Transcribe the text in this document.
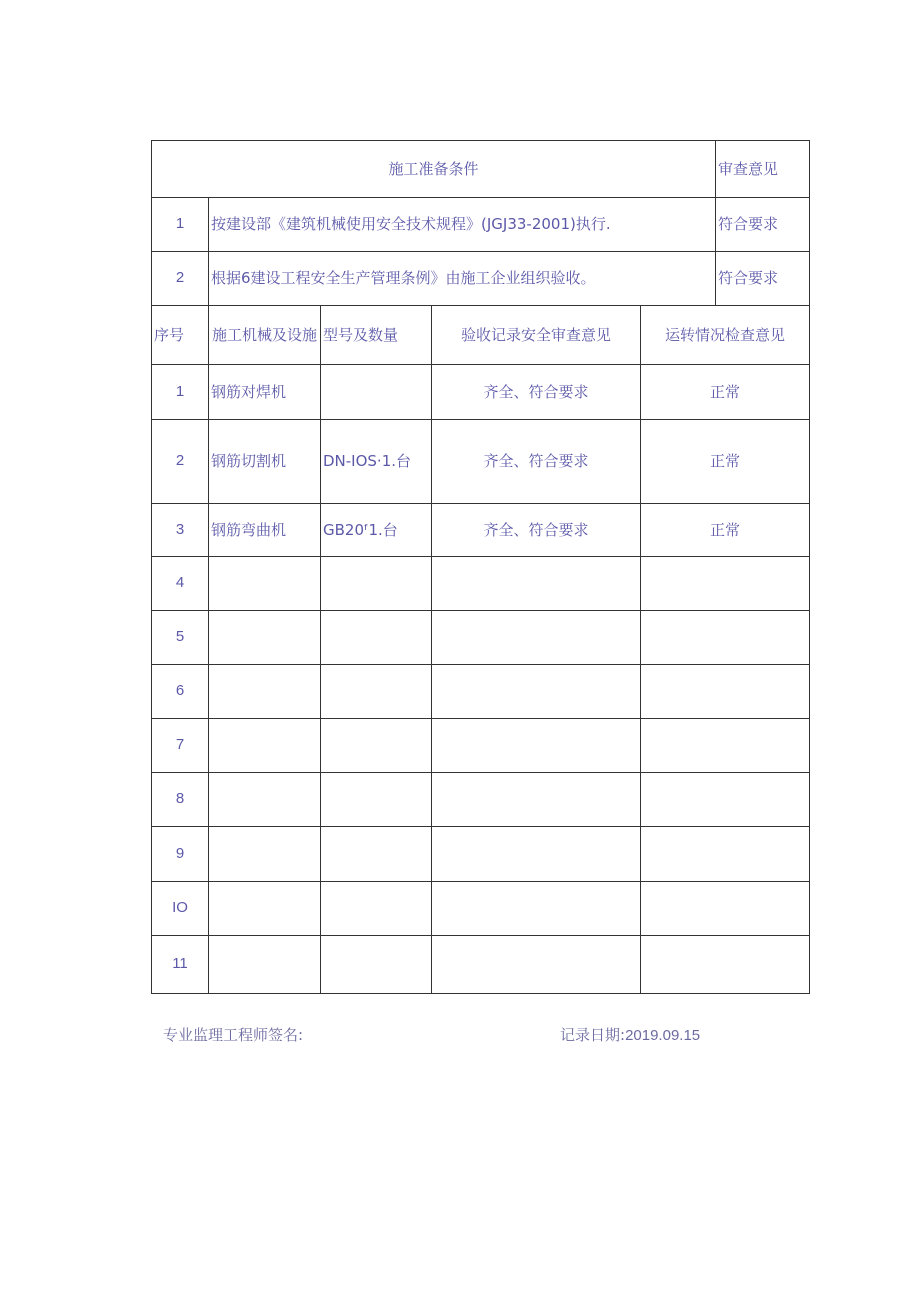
施工准备条件					审查意见
1	按建设部《建筑机械使用安全技术规程》(JGJ33-2001)执行.				符合要求
2	根据6建设工程安全生产管理条例》由施工企业组织验收。				符合要求
序号	施工机械及设施	型号及数量	验收记录安全审查意见	运转情况检查意见	
1	钢筋对焊机		齐全、符合要求	正常	
2	钢筋切割机	DN-IOS·1.台	齐全、符合要求	正常	
3	钢筋弯曲机	GB20ᶠ1.台	齐全、符合要求	正常	
4					
5					
6					
7					
8					
9					
IO					
11					
专业监理工程师签名:	记录日期:2019.09.15
